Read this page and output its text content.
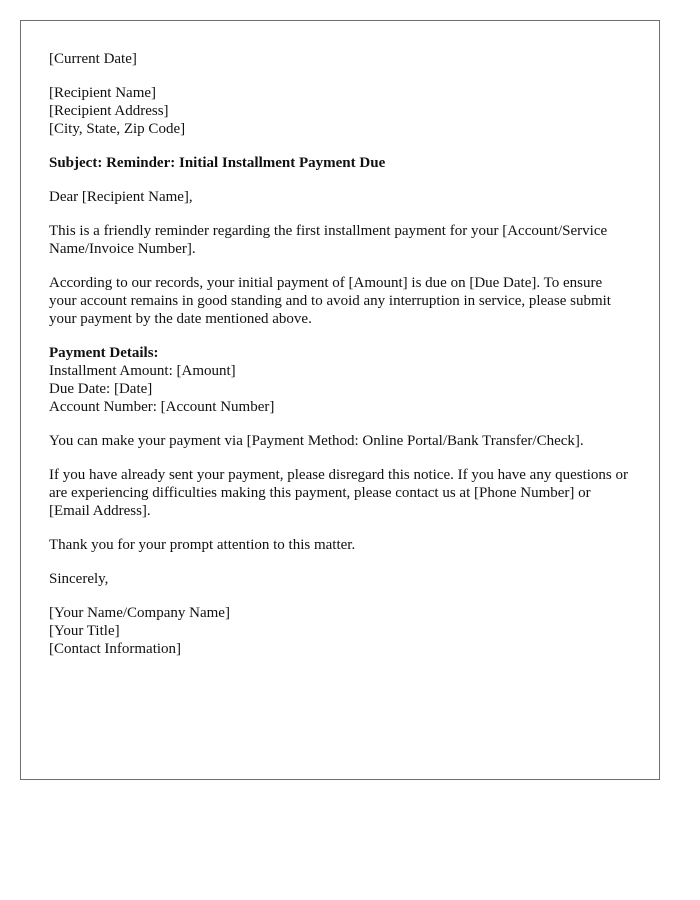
[Current Date]
[Recipient Name]
[Recipient Address]
[City, State, Zip Code]
Subject: Reminder: Initial Installment Payment Due
Dear [Recipient Name],
This is a friendly reminder regarding the first installment payment for your [Account/Service Name/Invoice Number].
According to our records, your initial payment of [Amount] is due on [Due Date]. To ensure your account remains in good standing and to avoid any interruption in service, please submit your payment by the date mentioned above.
Payment Details:
Installment Amount: [Amount]
Due Date: [Date]
Account Number: [Account Number]
You can make your payment via [Payment Method: Online Portal/Bank Transfer/Check].
If you have already sent your payment, please disregard this notice. If you have any questions or are experiencing difficulties making this payment, please contact us at [Phone Number] or [Email Address].
Thank you for your prompt attention to this matter.
Sincerely,
[Your Name/Company Name]
[Your Title]
[Contact Information]
